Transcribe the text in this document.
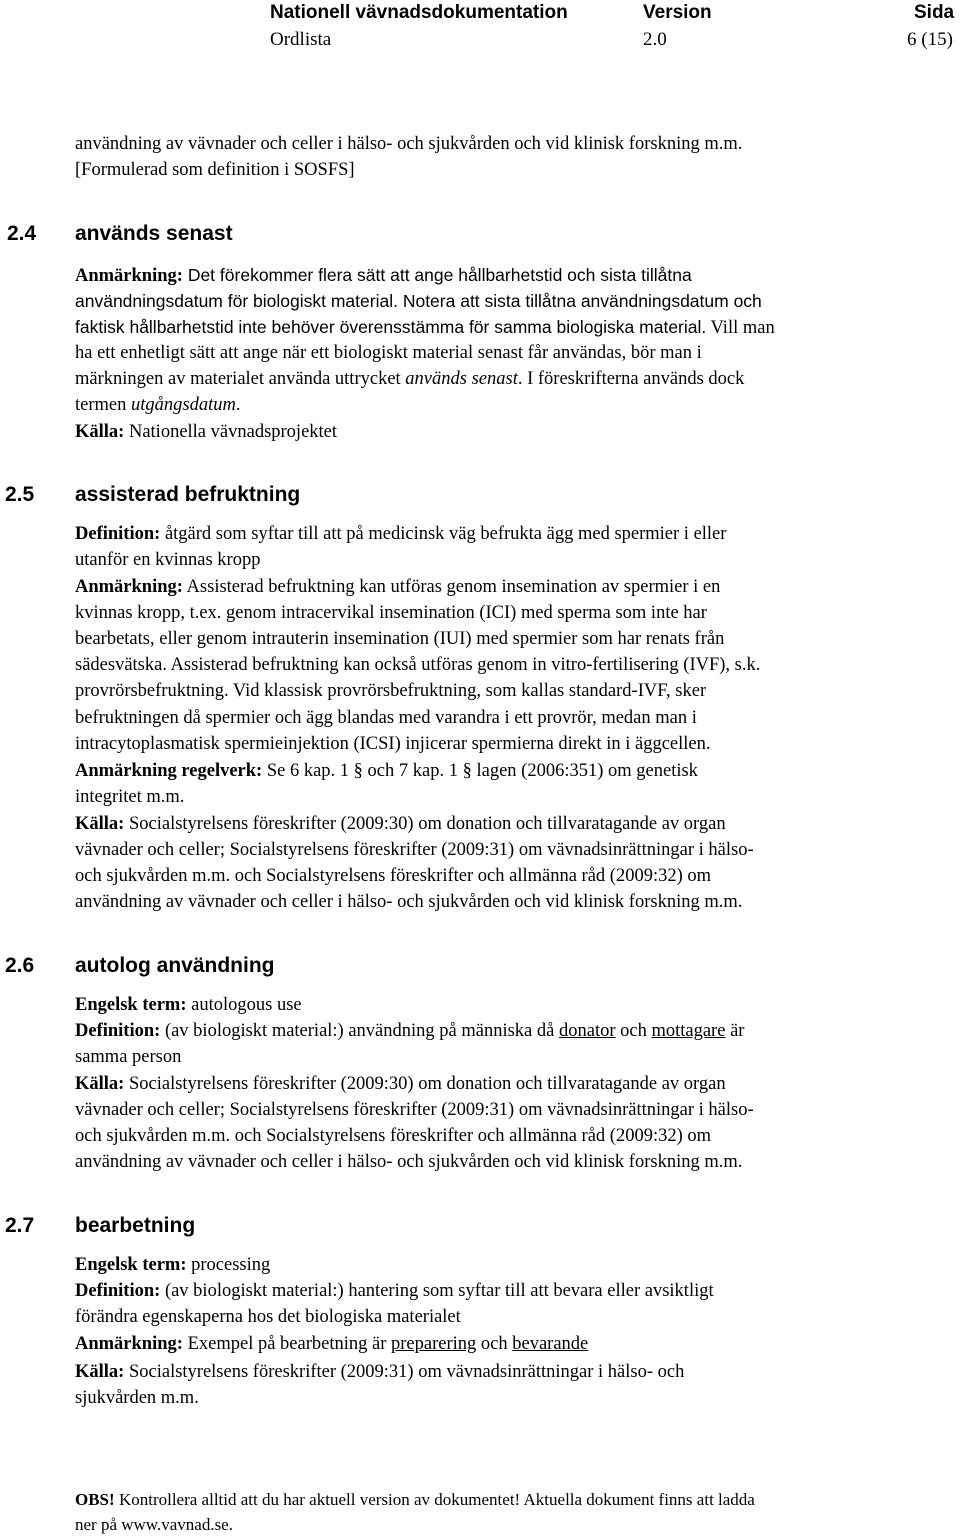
Nationell vävnadsdokumentation	Version	Sida
Ordlista	2.0	6 (15)
användning av vävnader och celler i hälso- och sjukvården och vid klinisk forskning m.m.
[Formulerad som definition i SOSFS]
2.4 används senast
Anmärkning: Det förekommer flera sätt att ange hållbarhetstid och sista tillåtna
användningsdatum för biologiskt material. Notera att sista tillåtna användningsdatum och
faktisk hållbarhetstid inte behöver överensstämma för samma biologiska material. Vill man
ha ett enhetligt sätt att ange när ett biologiskt material senast får användas, bör man i
märkningen av materialet använda uttrycket används senast. I föreskrifterna används dock
termen utgångsdatum.
Källa: Nationella vävnadsprojektet
2.5 assisterad befruktning
Definition: åtgärd som syftar till att på medicinsk väg befrukta ägg med spermier i eller
utanför en kvinnas kropp
Anmärkning: Assisterad befruktning kan utföras genom insemination av spermier i en
kvinnas kropp, t.ex. genom intracervikal insemination (ICI) med sperma som inte har
bearbetats, eller genom intrauterin insemination (IUI) med spermier som har renats från
sädesvätska. Assisterad befruktning kan också utföras genom in vitro-fertilisering (IVF), s.k.
provrörsbefruktning. Vid klassisk provrörsbefruktning, som kallas standard-IVF, sker
befruktningen då spermier och ägg blandas med varandra i ett provrör, medan man i
intracytoplasmatisk spermieinjektion (ICSI) injicerar spermierna direkt in i äggcellen.
Anmärkning regelverk: Se 6 kap. 1 § och 7 kap. 1 § lagen (2006:351) om genetisk
integritet m.m.
Källa: Socialstyrelsens föreskrifter (2009:30) om donation och tillvaratagande av organ
vävnader och celler; Socialstyrelsens föreskrifter (2009:31) om vävnadsinrättningar i hälso-
och sjukvården m.m. och Socialstyrelsens föreskrifter och allmänna råd (2009:32) om
användning av vävnader och celler i hälso- och sjukvården och vid klinisk forskning m.m.
2.6 autolog användning
Engelsk term: autologous use
Definition: (av biologiskt material:) användning på människa då donator och mottagare är
samma person
Källa: Socialstyrelsens föreskrifter (2009:30) om donation och tillvaratagande av organ
vävnader och celler; Socialstyrelsens föreskrifter (2009:31) om vävnadsinrättningar i hälso-
och sjukvården m.m. och Socialstyrelsens föreskrifter och allmänna råd (2009:32) om
användning av vävnader och celler i hälso- och sjukvården och vid klinisk forskning m.m.
2.7 bearbetning
Engelsk term: processing
Definition: (av biologiskt material:) hantering som syftar till att bevara eller avsiktligt
förändra egenskaperna hos det biologiska materialet
Anmärkning: Exempel på bearbetning är preparering och bevarande
Källa: Socialstyrelsens föreskrifter (2009:31) om vävnadsinrättningar i hälso- och
sjukvården m.m.
OBS! Kontrollera alltid att du har aktuell version av dokumentet! Aktuella dokument finns att ladda
ner på www.vavnad.se.
